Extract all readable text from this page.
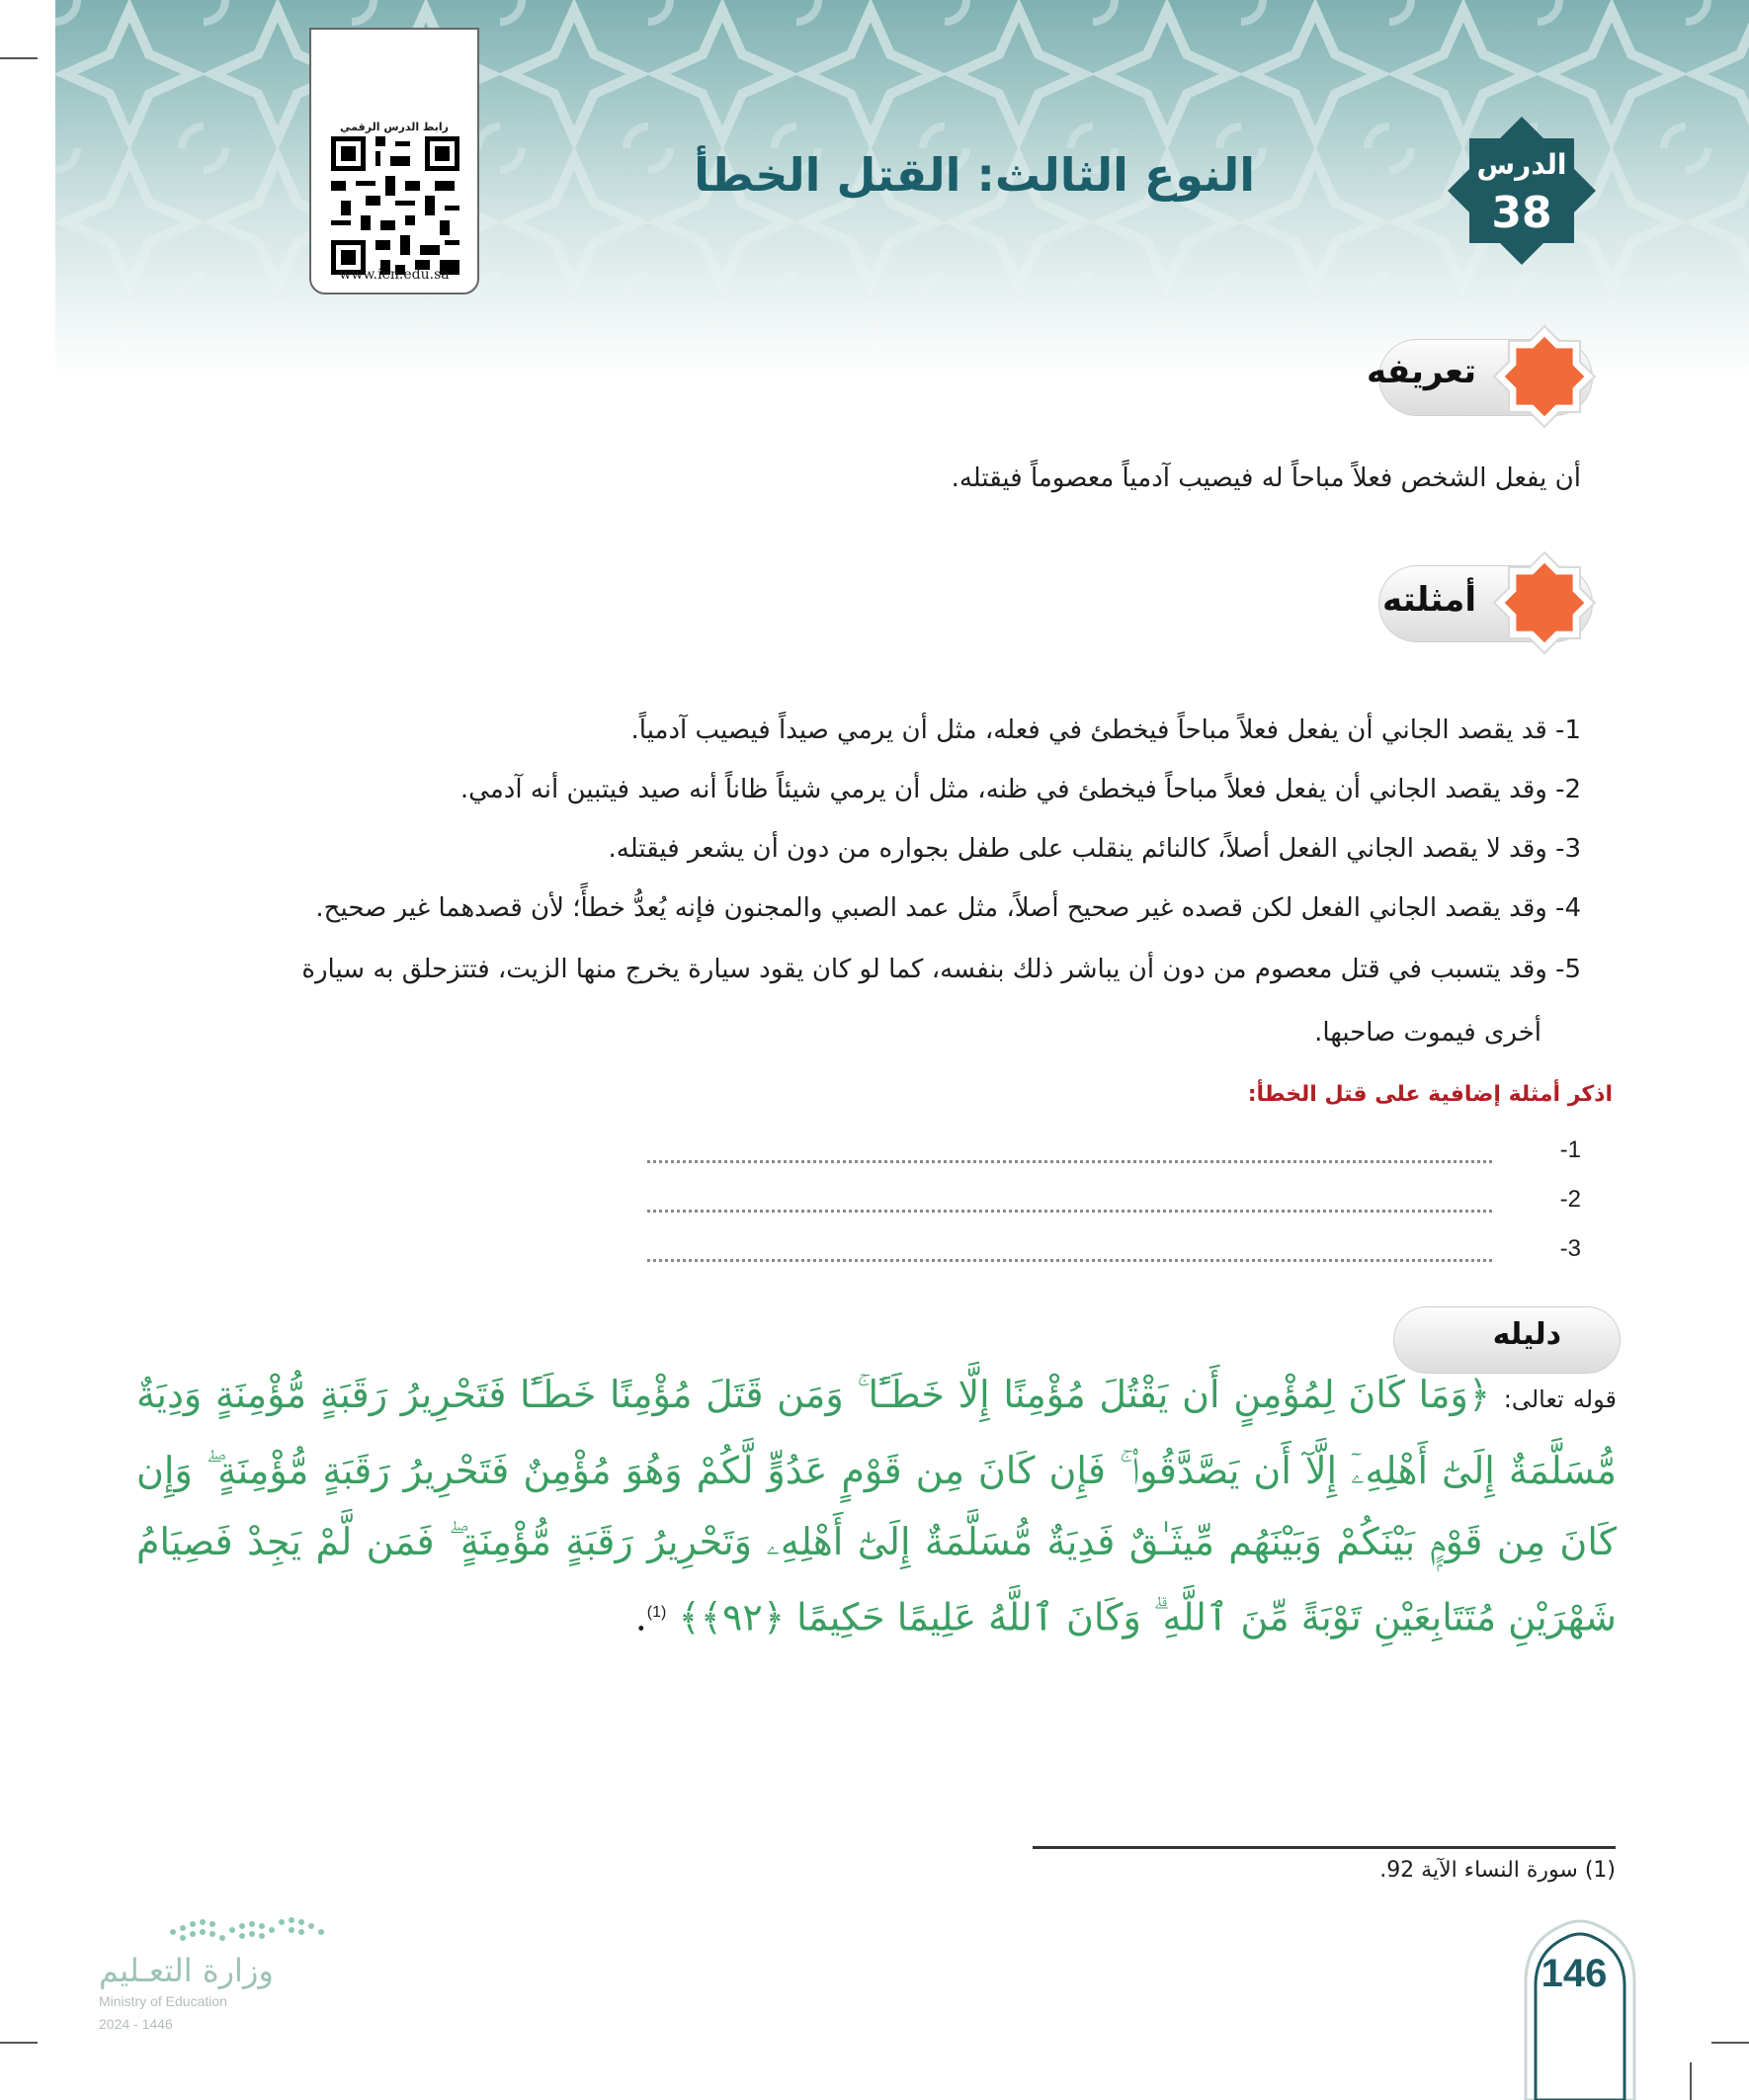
رابط الدرس الرقمي
www.ien.edu.sa
الدرس
38
النوع الثالث: القتل الخطأ
تعريفه
أن يفعل الشخص فعلاً مباحاً له فيصيب آدمياً معصوماً فيقتله.
أمثلته
1- قد يقصد الجاني أن يفعل فعلاً مباحاً فيخطئ في فعله، مثل أن يرمي صيداً فيصيب آدمياً.
2- وقد يقصد الجاني أن يفعل فعلاً مباحاً فيخطئ في ظنه، مثل أن يرمي شيئاً ظاناً أنه صيد فيتبين أنه آدمي.
3- وقد لا يقصد الجاني الفعل أصلاً، كالنائم ينقلب على طفل بجواره من دون أن يشعر فيقتله.
4- وقد يقصد الجاني الفعل لكن قصده غير صحيح أصلاً، مثل عمد الصبي والمجنون فإنه يُعدُّ خطأً؛ لأن قصدهما غير صحيح.
5- وقد يتسبب في قتل معصوم من دون أن يباشر ذلك بنفسه، كما لو كان يقود سيارة يخرج منها الزيت، فتتزحلق به سيارة
أخرى فيموت صاحبها.
اذكر أمثلة إضافية على قتل الخطأ:
1-
2-
3-
دليله
قوله تعالى: ﴿وَمَا كَانَ لِمُؤْمِنٍ أَن يَقْتُلَ مُؤْمِنًا إِلَّا خَطَـًٔا ۚ وَمَن قَتَلَ مُؤْمِنًا خَطَـًٔا فَتَحْرِيرُ رَقَبَةٍ مُّؤْمِنَةٍ وَدِيَةٌ مُّسَلَّمَةٌ إِلَىٰٓ أَهْلِهِۦٓ إِلَّآ أَن يَصَّدَّقُوا۟ ۚ فَإِن كَانَ مِن قَوْمٍ عَدُوٍّ لَّكُمْ وَهُوَ مُؤْمِنٌ فَتَحْرِيرُ رَقَبَةٍ مُّؤْمِنَةٍ ۖ وَإِن كَانَ مِن قَوْمٍۭ بَيْنَكُمْ وَبَيْنَهُم مِّيثَـٰقٌ فَدِيَةٌ مُّسَلَّمَةٌ إِلَىٰٓ أَهْلِهِۦ وَتَحْرِيرُ رَقَبَةٍ مُّؤْمِنَةٍ ۖ فَمَن لَّمْ يَجِدْ فَصِيَامُ شَهْرَيْنِ مُتَتَابِعَيْنِ تَوْبَةً مِّنَ ٱللَّهِ ۗ وَكَانَ ٱللَّهُ عَلِيمًا حَكِيمًا ﴿٩٢﴾﴾ $^{(1)}$.
(1) سورة النساء الآية 92.
وزارة التعـليم
Ministry of Education
2024 - 1446
146
